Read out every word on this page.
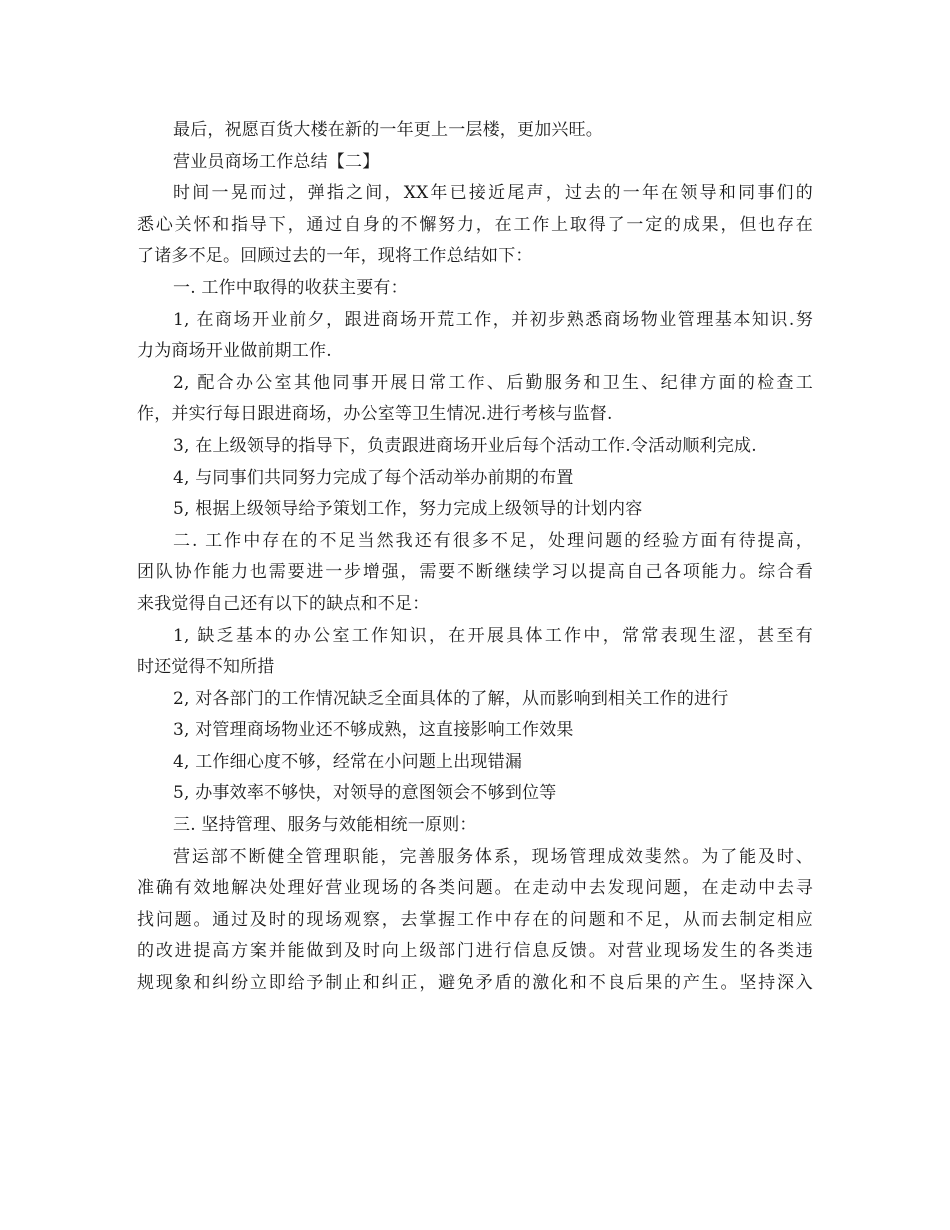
最后，祝愿百货大楼在新的一年更上一层楼，更加兴旺。
营业员商场工作总结【二】
时间一晃而过，弹指之间，XX年已接近尾声，过去的一年在领导和同事们的
悉心关怀和指导下，通过自身的不懈努力，在工作上取得了一定的成果，但也存在
了诸多不足。回顾过去的一年，现将工作总结如下：
一. 工作中取得的收获主要有：
1, 在商场开业前夕，跟进商场开荒工作，并初步熟悉商场物业管理基本知识.努
力为商场开业做前期工作.
2, 配合办公室其他同事开展日常工作、后勤服务和卫生、纪律方面的检查工
作，并实行每日跟进商场，办公室等卫生情况.进行考核与监督.
3, 在上级领导的指导下，负责跟进商场开业后每个活动工作.令活动顺利完成.
4, 与同事们共同努力完成了每个活动举办前期的布置
5, 根据上级领导给予策划工作，努力完成上级领导的计划内容
二. 工作中存在的不足当然我还有很多不足，处理问题的经验方面有待提高，
团队协作能力也需要进一步增强，需要不断继续学习以提高自己各项能力。综合看
来我觉得自己还有以下的缺点和不足：
1, 缺乏基本的办公室工作知识，在开展具体工作中，常常表现生涩，甚至有
时还觉得不知所措
2, 对各部门的工作情况缺乏全面具体的了解，从而影响到相关工作的进行
3, 对管理商场物业还不够成熟，这直接影响工作效果
4, 工作细心度不够，经常在小问题上出现错漏
5, 办事效率不够快，对领导的意图领会不够到位等
三. 坚持管理、服务与效能相统一原则：
营运部不断健全管理职能，完善服务体系，现场管理成效斐然。为了能及时、
准确有效地解决处理好营业现场的各类问题。在走动中去发现问题，在走动中去寻
找问题。通过及时的现场观察，去掌握工作中存在的问题和不足，从而去制定相应
的改进提高方案并能做到及时向上级部门进行信息反馈。对营业现场发生的各类违
规现象和纠纷立即给予制止和纠正，避免矛盾的激化和不良后果的产生。坚持深入
